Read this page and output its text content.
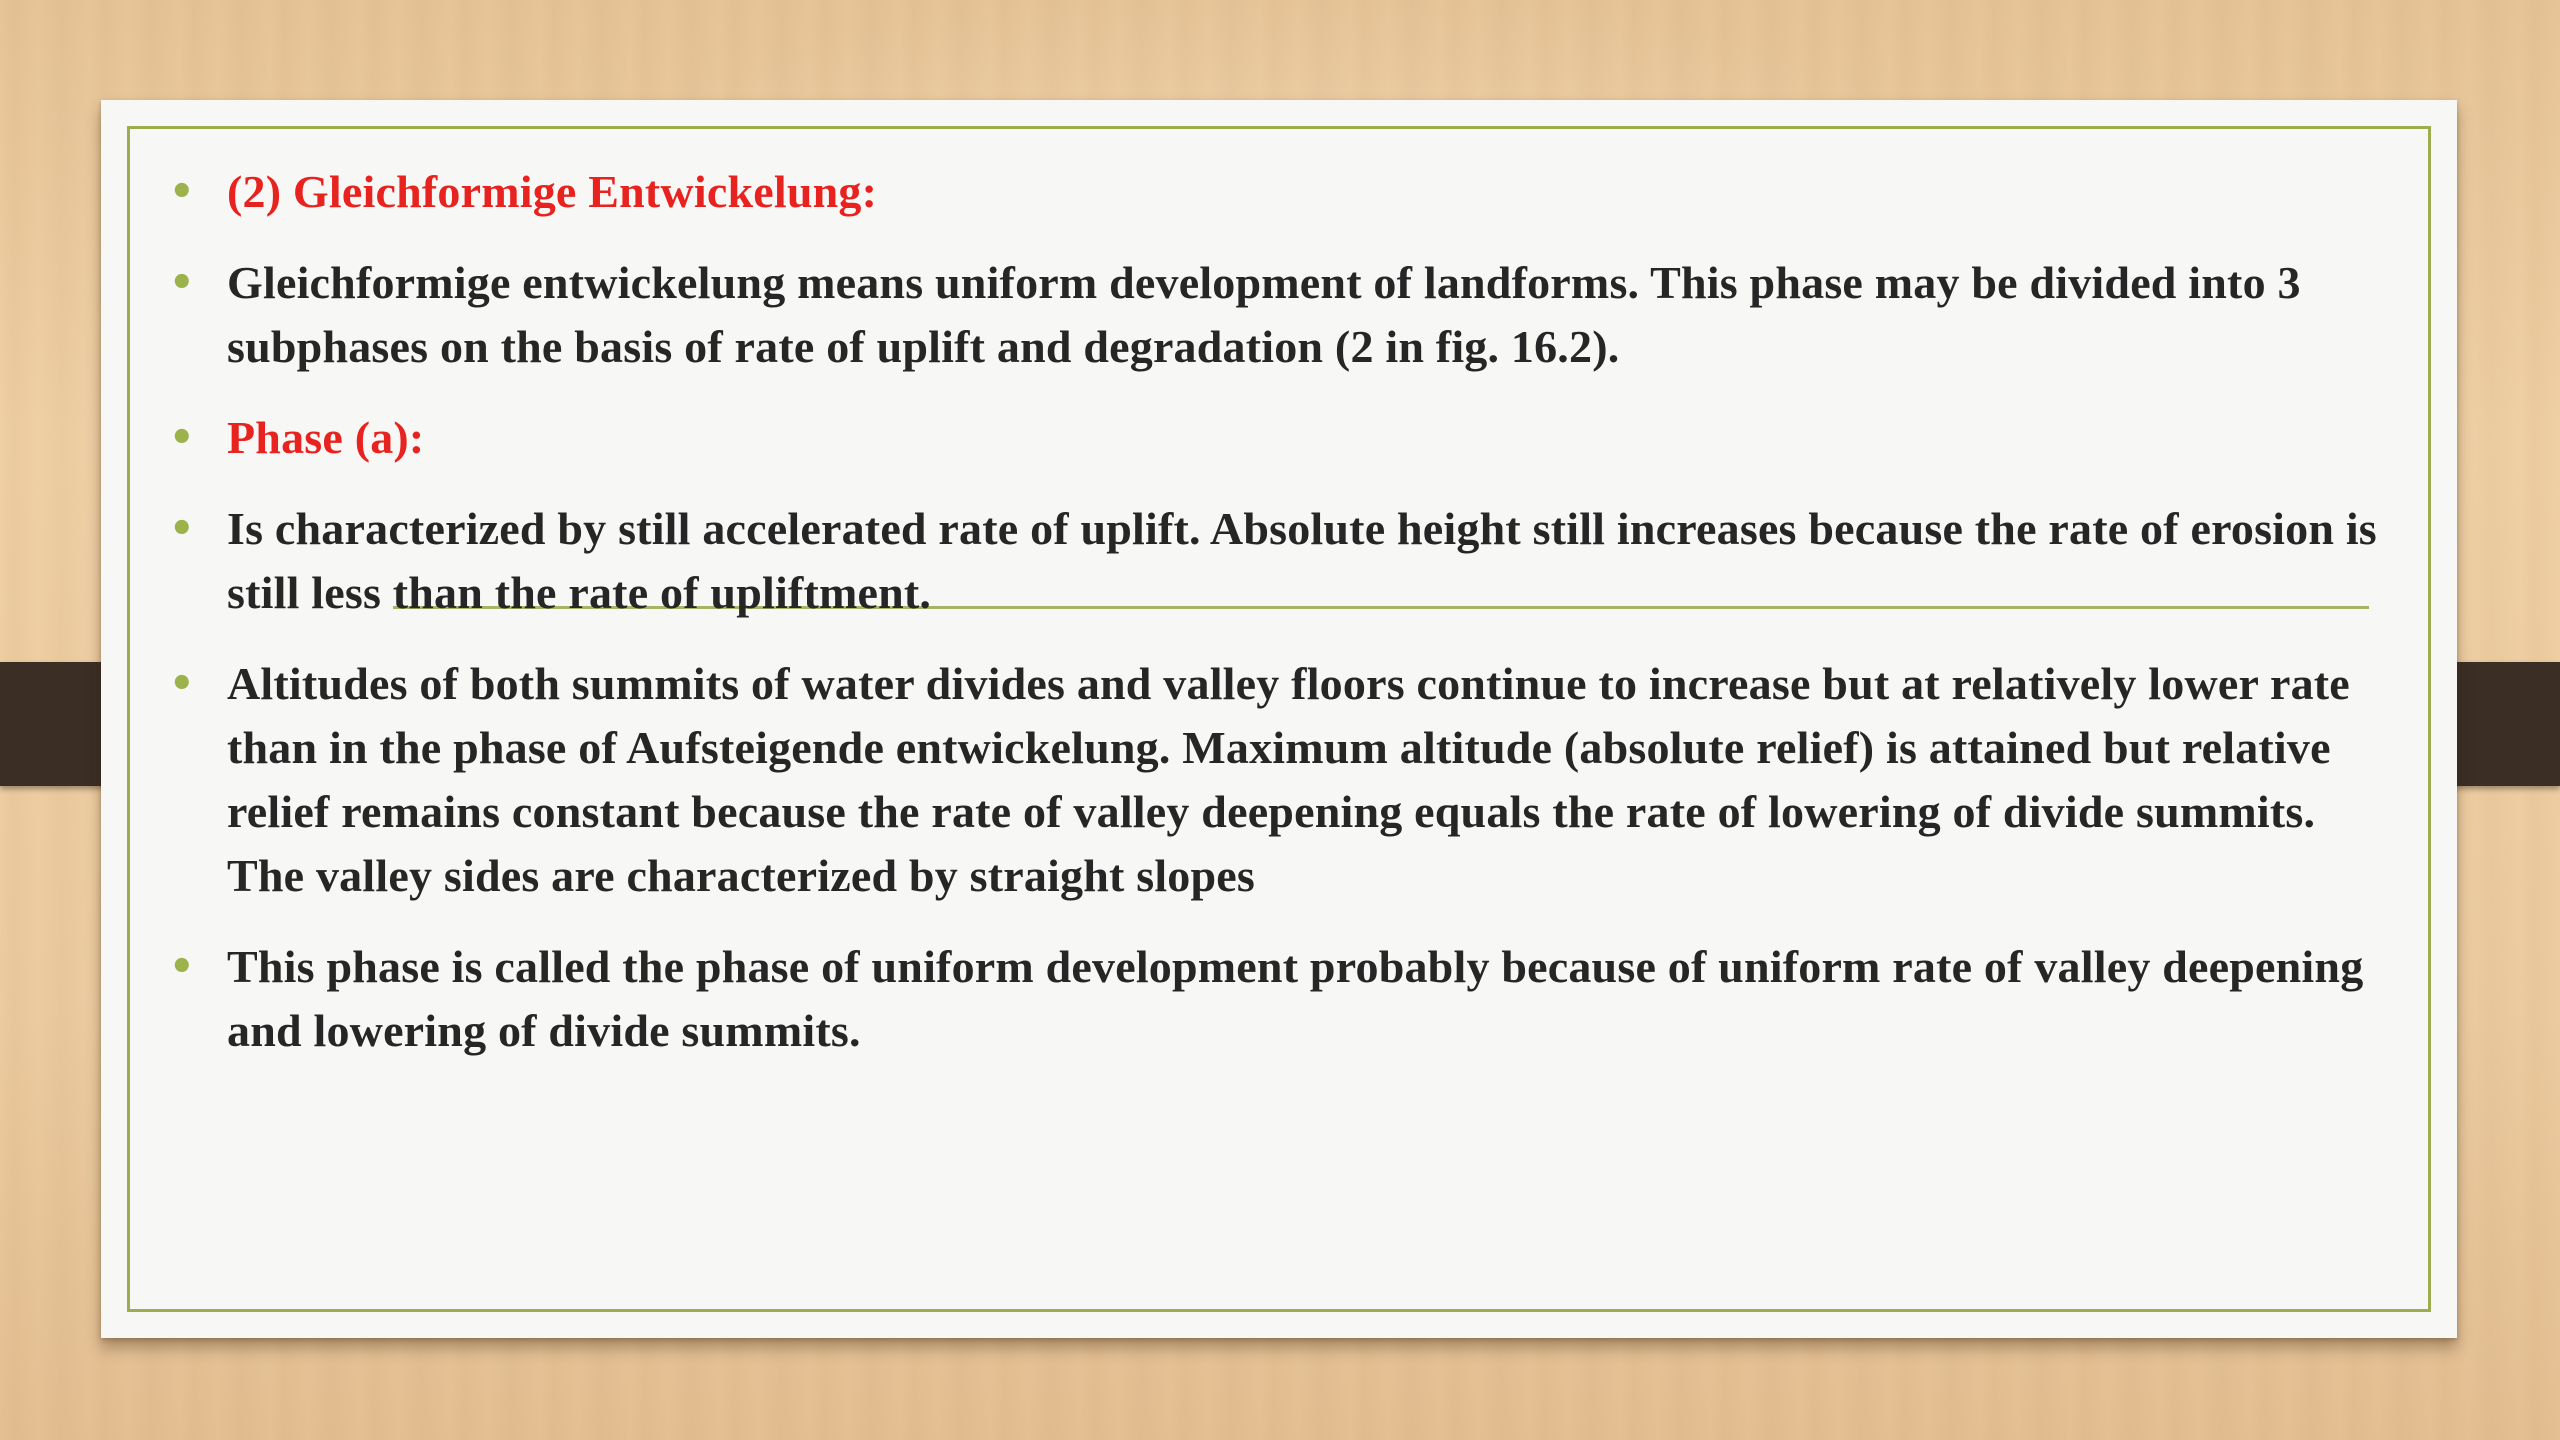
• (2) Gleichformige Entwickelung:
• Gleichformige entwickelung means uniform development of landforms. This phase may be divided into 3 subphases on the basis of rate of uplift and degradation (2 in fig. 16.2).
• Phase (a):
• Is characterized by still accelerated rate of uplift. Absolute height still increases because the rate of erosion is still less than the rate of upliftment.
• Altitudes of both summits of water divides and valley floors continue to increase but at relatively lower rate than in the phase of Aufsteigende entwickelung. Maximum altitude (absolute relief) is attained but relative relief remains constant because the rate of valley deepening equals the rate of lowering of divide summits. The valley sides are characterized by straight slopes
• This phase is called the phase of uniform development probably because of uniform rate of valley deepening and lowering of divide summits.
